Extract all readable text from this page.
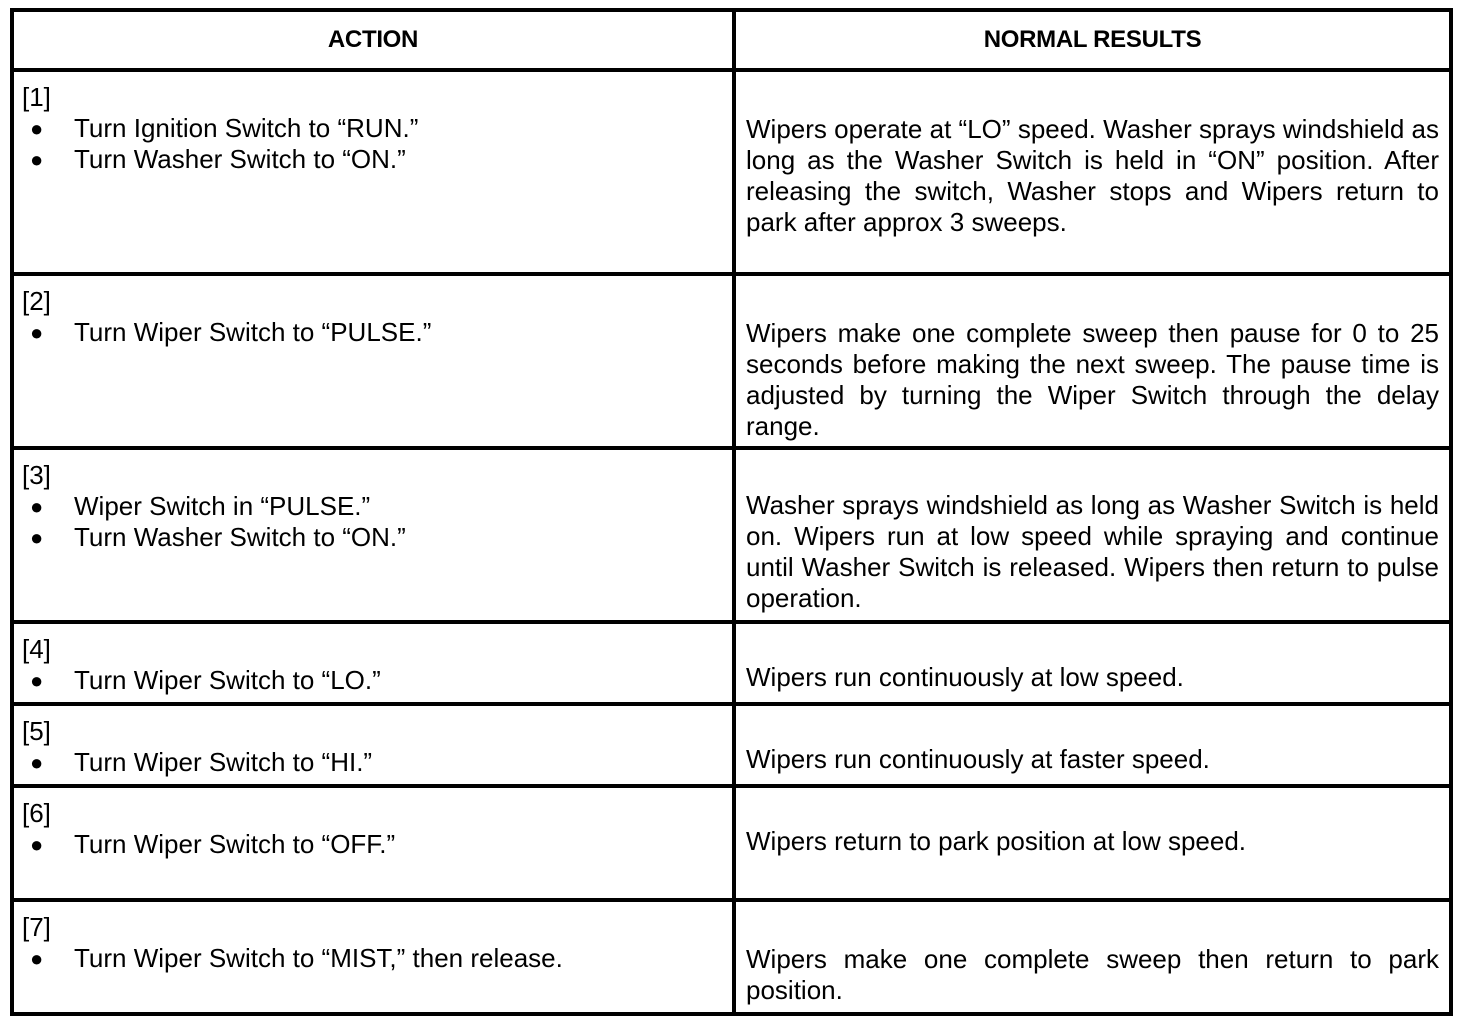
ACTION	NORMAL RESULTS
[1]
●	Turn Ignition Switch to “RUN.”
●	Turn Washer Switch to “ON.”
Wipers operate at “LO” speed. Washer sprays windshield as long as the Washer Switch is held in “ON” position. After releasing the switch, Washer stops and Wipers return to park after approx 3 sweeps.
[2]
●	Turn Wiper Switch to “PULSE.”	Wipers make one complete sweep then pause for 0 to 25 seconds before making the next sweep. The pause time is adjusted by turning the Wiper Switch through the delay range.
[3]
●	Wiper Switch in “PULSE.”
●	Turn Washer Switch to “ON.”
Washer sprays windshield as long as Washer Switch is held on. Wipers run at low speed while spraying and continue until Washer Switch is released. Wipers then return to pulse operation.
[4]
●	Turn Wiper Switch to “LO.”	Wipers run continuously at low speed.
[5]
●	Turn Wiper Switch to “HI.”	Wipers run continuously at faster speed.
[6]
●	Turn Wiper Switch to “OFF.”	Wipers return to park position at low speed.
[7]
●	Turn Wiper Switch to “MIST,” then release.	Wipers make one complete sweep then return to park position.
